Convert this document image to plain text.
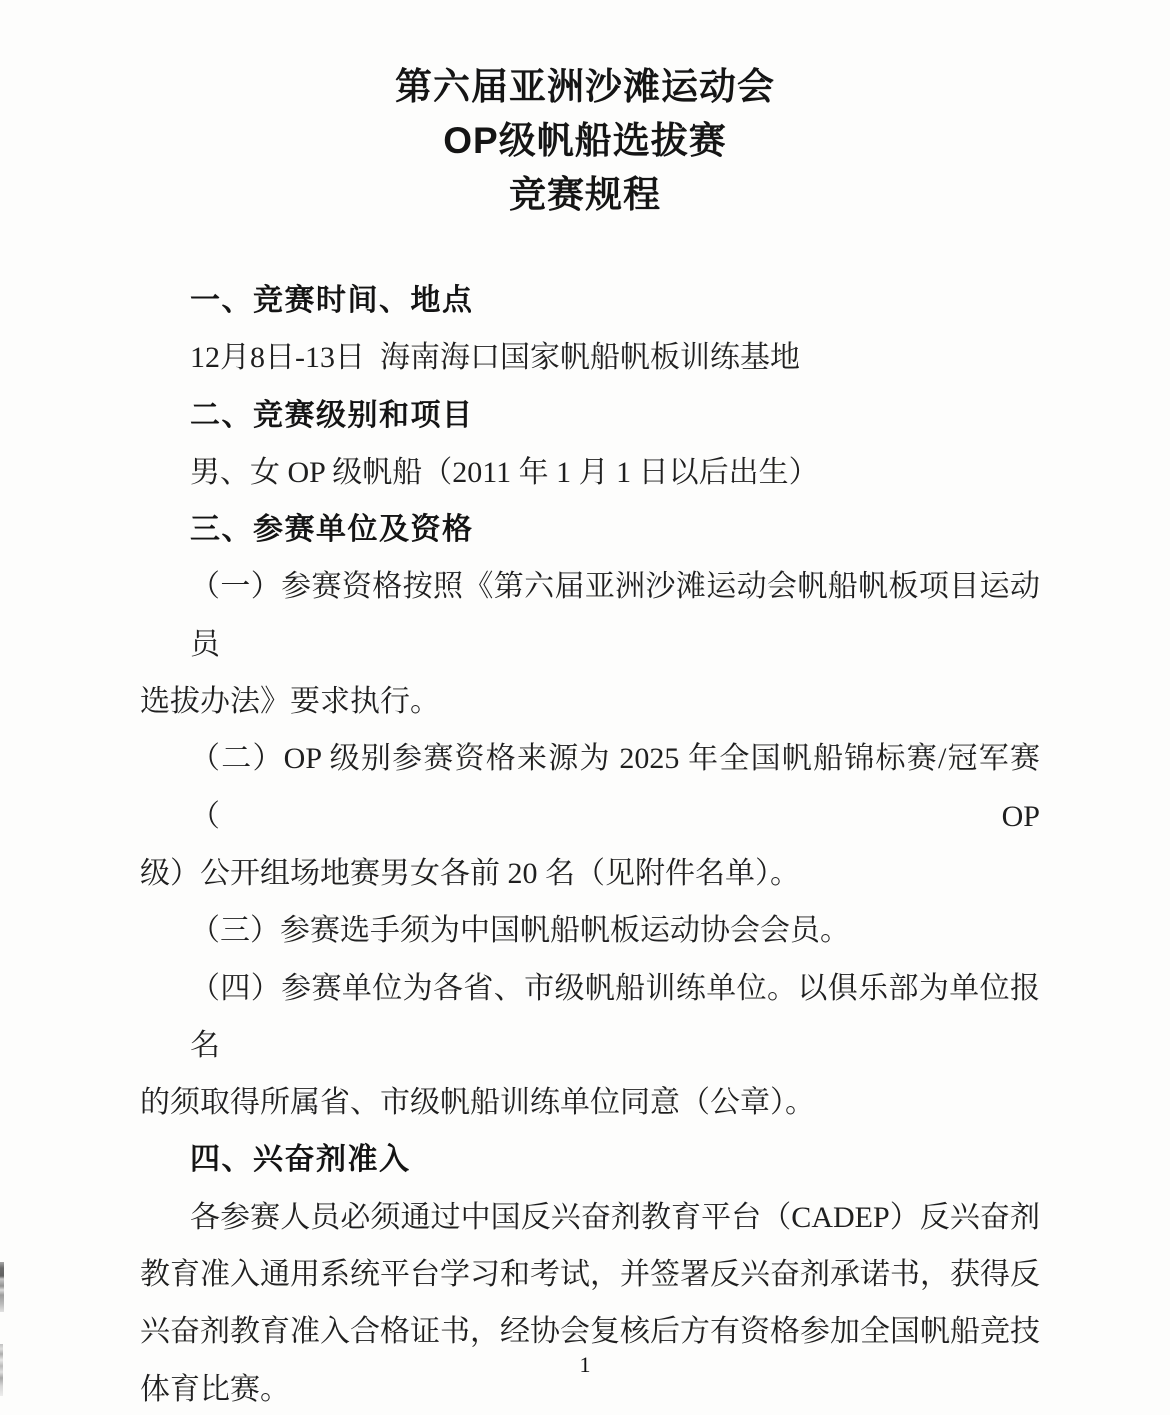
第六届亚洲沙滩运动会
OP级帆船选拔赛
竞赛规程
一、竞赛时间、地点
12月8日-13日  海南海口国家帆船帆板训练基地
二、竞赛级别和项目
男、女 OP 级帆船（2011 年 1 月 1 日以后出生）
三、参赛单位及资格
（一）参赛资格按照《第六届亚洲沙滩运动会帆船帆板项目运动员
选拔办法》要求执行。
（二）OP 级别参赛资格来源为 2025 年全国帆船锦标赛/冠军赛（OP
级）公开组场地赛男女各前 20 名（见附件名单）。
（三）参赛选手须为中国帆船帆板运动协会会员。
（四）参赛单位为各省、市级帆船训练单位。以俱乐部为单位报名
的须取得所属省、市级帆船训练单位同意（公章）。
四、兴奋剂准入
各参赛人员必须通过中国反兴奋剂教育平台（CADEP）反兴奋剂
教育准入通用系统平台学习和考试，并签署反兴奋剂承诺书，获得反
兴奋剂教育准入合格证书，经协会复核后方有资格参加全国帆船竞技
体育比赛。
1
